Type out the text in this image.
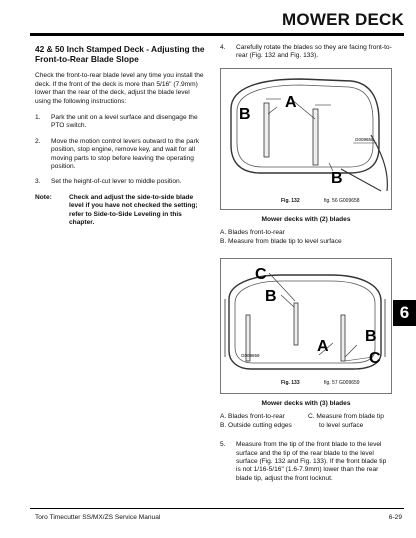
MOWER DECK
42 & 50 Inch Stamped Deck - Adjusting the Front-to-Rear Blade Slope

Check the front-to-rear blade level any time you install the deck. If the front of the deck is more than 5/16" (7.9mm) lower than the rear of the deck, adjust the blade level using the following instructions:

1. Park the unit on a level surface and disengage the PTO switch.
2. Move the motion control levers outward to the park position, stop engine, remove key, and wait for all moving parts to stop before leaving the operating position.
3. Set the height-of-cut lever to middle position.
Note:	Check and adjust the side-to-side blade level if you have not checked the setting; refer to Side-to-Side Leveling in this chapter.
4. Carefully rotate the blades so they are facing front-to-rear (Fig. 132 and Fig. 133).
B
A
B
G009658
Fig. 132	fig. 56 G009658
Mower decks with (2) blades

A. Blades front-to-rear

B. Measure from blade tip to level surface

C
B
A
B
C
G009659
Fig. 133	fig. 57 G009659
Mower decks with (3) blades
A. Blades front-to-rear	C. Measure from blade tip
B. Outside cutting edges	to level surface
5. Measure from the tip of the front blade to the level surface and the tip of the rear blade to the level surface (Fig. 132 and Fig. 133). If the front blade tip is not 1/16-5/16" (1.6-7.9mm) lower than the rear blade tip, adjust the front locknut.
6
Toro Timecutter SS/MX/ZS Service Manual	6-29
